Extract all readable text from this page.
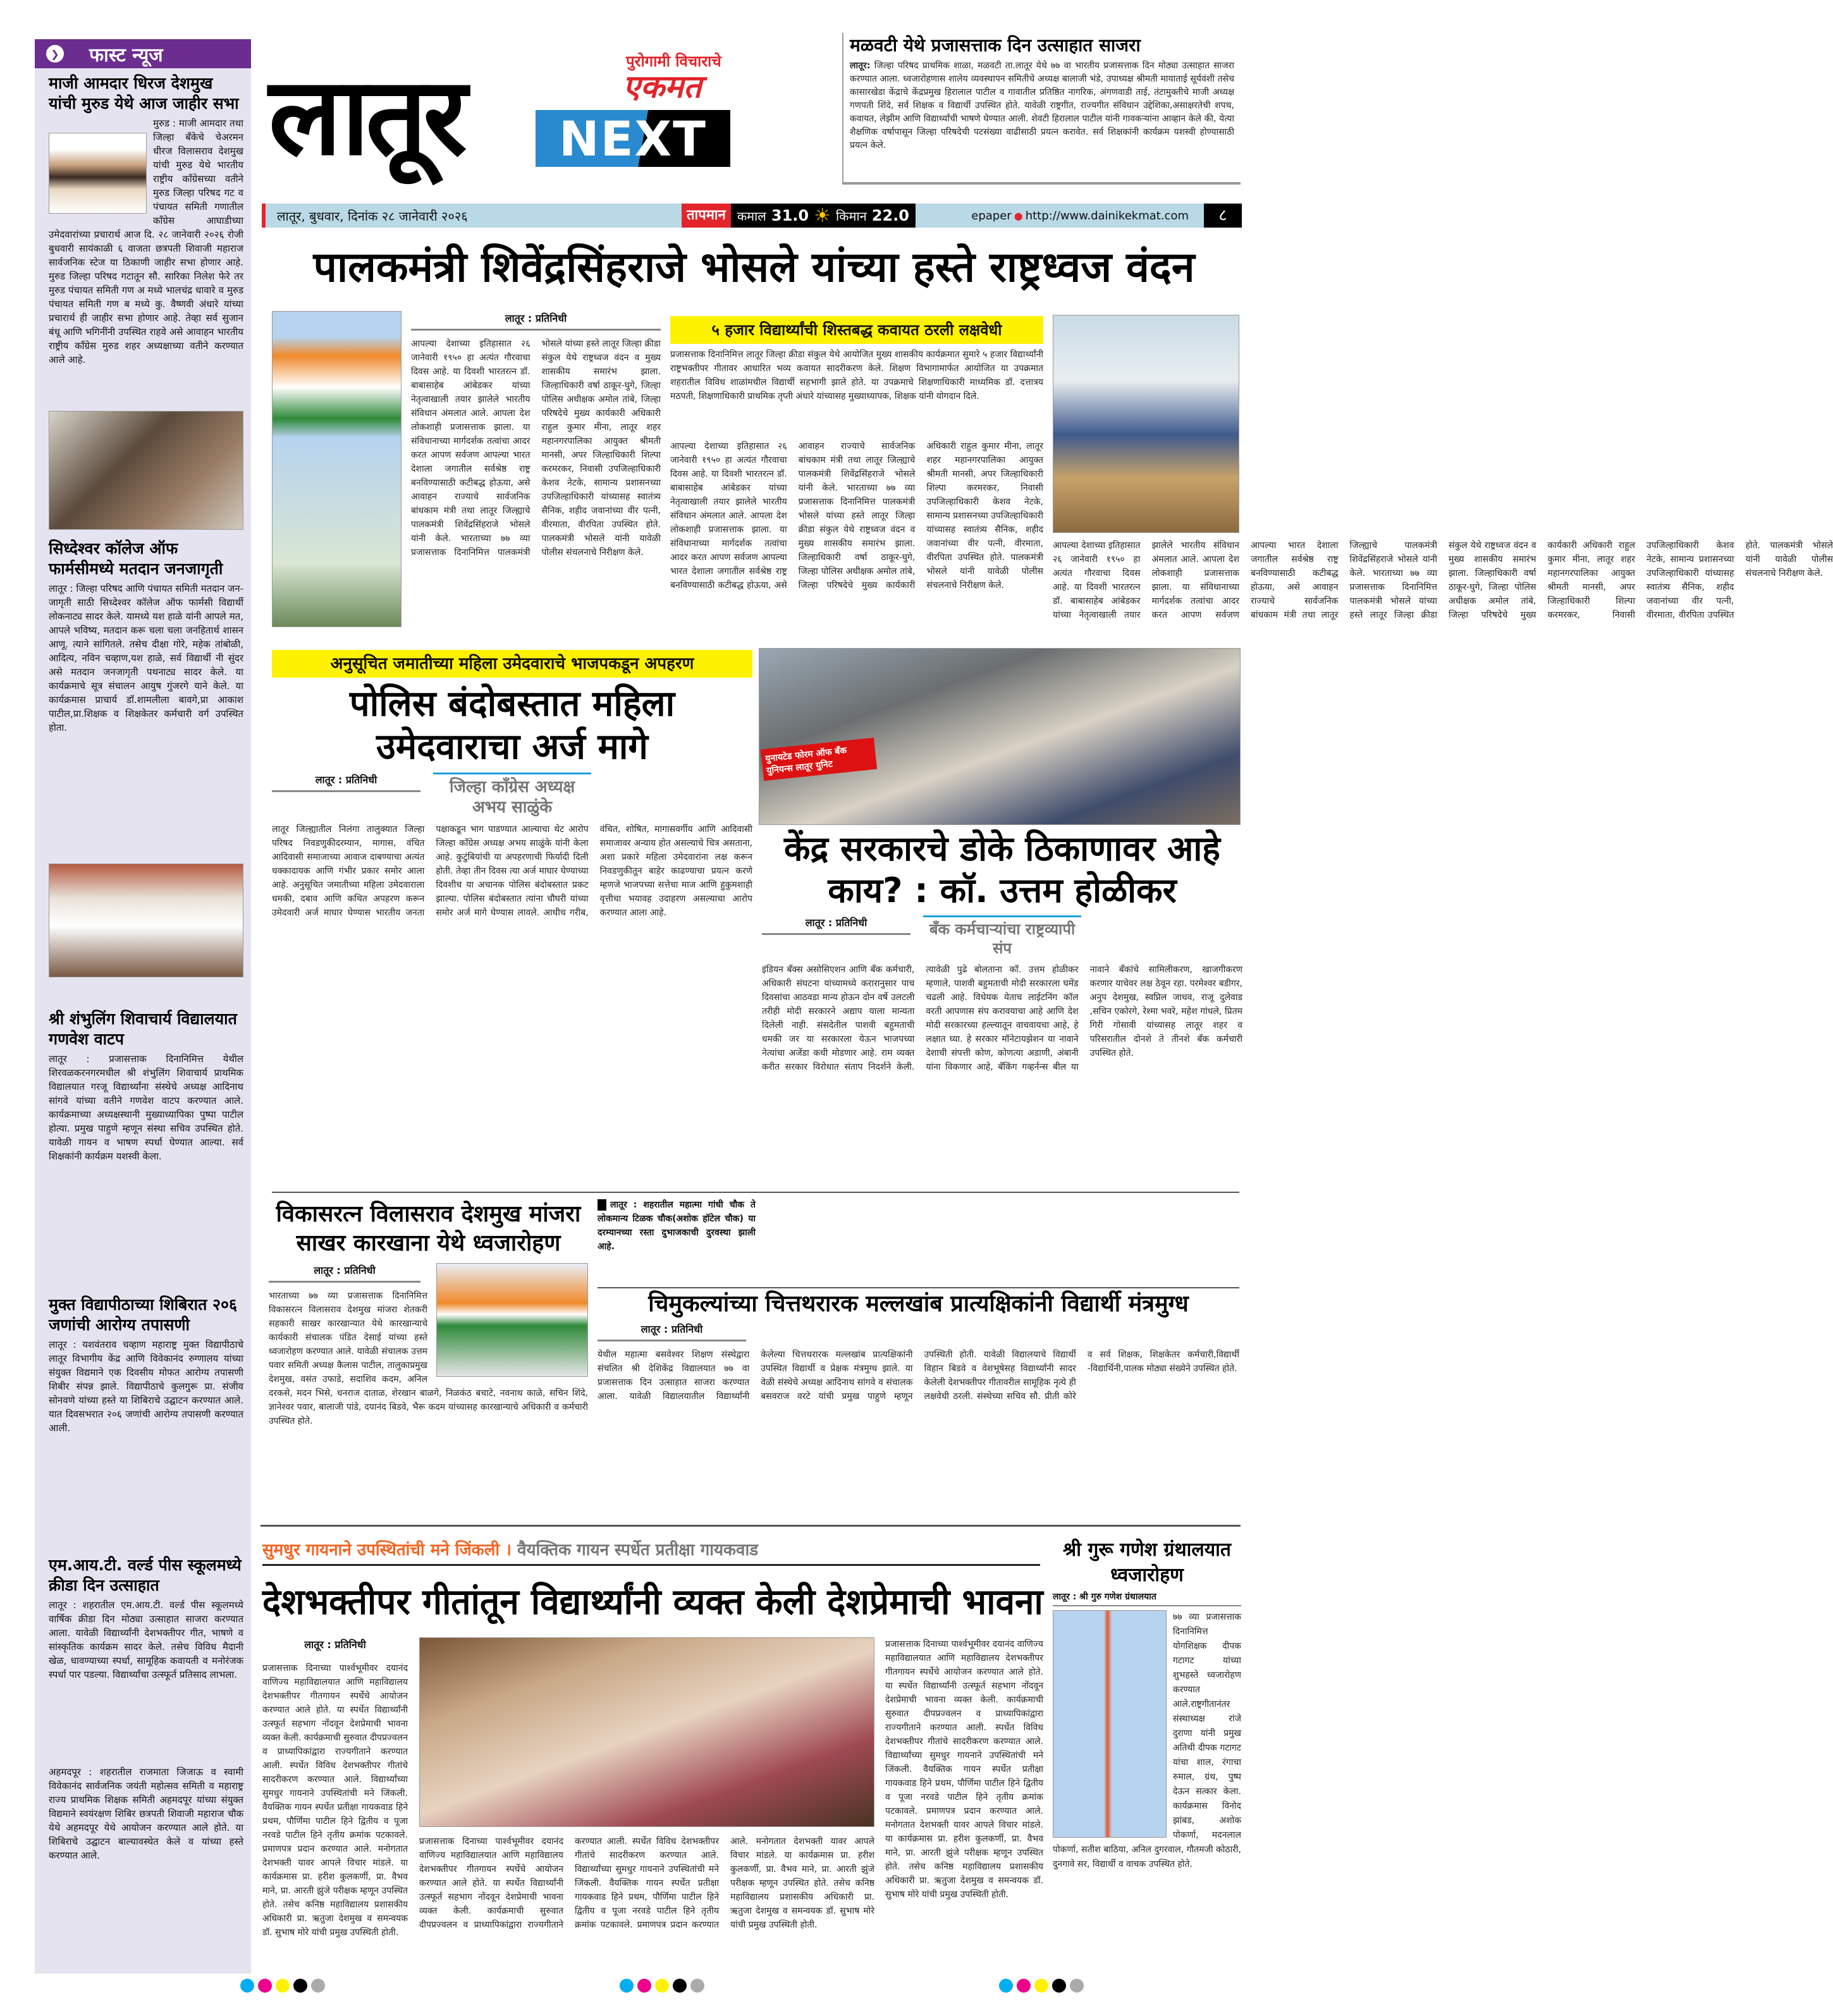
❯︎ फास्ट न्यूज
माजी आमदार धिरज देशमुख यांची मुरुड येथे आज जाहीर सभा
मुरुड : माजी आमदार तथा जिल्हा बँकेचे चेअरमन धीरज विलासराव देशमुख यांची मुरुड येथे भारतीय राष्ट्रीय काँग्रेसच्या वतीने मुरुड जिल्हा परिषद गट व पंचायत समिती गणातील काँग्रेस आघाडीच्या उमेदवारांच्या प्रचारार्थ आज दि. २८ जानेवारी २०२६ रोजी बुधवारी सायंकाळी ६ वाजता छत्रपती शिवाजी महाराज सार्वजनिक स्टेज या ठिकाणी जाहीर सभा होणार आहे. मुरुड जिल्हा परिषद गटातून सौ. सारिका निलेश फेरे तर मुरुड पंचायत समिती गण अ मध्ये भालचंद्र धावारे व मुरुड पंचायत समिती गण ब मध्ये कु. वैष्णवी अंधारे यांच्या प्रचारार्थ ही जाहीर सभा होणार आहे. तेव्हा सर्व सुजान बंधू आणि भगिनींनी उपस्थित राहवे असे आवाहन भारतीय राष्ट्रीय काँग्रेस मुरुड शहर अध्यक्षाच्या वतीने करण्यात आले आहे.
सिध्देश्वर कॉलेज ऑफ फार्मसीमध्ये मतदान जनजागृती
लातूर : जिल्हा परिषद आणि पंचायत समिती मतदान जन- जागृती साठी सिध्देश्वर कॉलेज ऑफ फार्मसी विद्यार्थी लोकनाट्य सादर केले. यामध्ये यश हाळे यांनी आपले मत, आपले भविष्य, मतदान करू चला चला जनहितार्थ शासन आणू. त्याने सांगितले. तसेच दीक्षा गोरे, महेक तांबोळी, आदित्य, नविन चव्हाण,यश हाळे, सर्व विद्यार्थी नी सुंदर असे मतदान जनजागृती पथनाट्य सादर केले. या कार्यक्रमाचे सूत्र संचालन आयुष गुंजरगे याने केले. या कार्यक्रमास प्राचार्य डॉ.शामलीला बावगे,प्रा आकाश पाटील,प्रा.शिक्षक व शिक्षकेतर कर्मचारी वर्ग उपस्थित होता.
श्री शंभुलिंग शिवाचार्य विद्यालयात गणवेश वाटप
लातूर : प्रजासत्ताक दिनानिमित्त येथील शिरवळकरनगरमधील श्री शंभुलिंग शिवाचार्य प्राथमिक विद्यालयात गरजू विद्यार्थ्यांना संस्थेचे अध्यक्ष आदिनाथ सांगवे यांच्या वतीने गणवेश वाटप करण्यात आले. कार्यक्रमाच्या अध्यक्षस्थानी मुख्याध्यापिका पुष्पा पाटील होत्या. प्रमुख पाहुणे म्हणून संस्था सचिव उपस्थित होते. यावेळी गायन व भाषण स्पर्धा घेण्यात आल्या. सर्व शिक्षकांनी कार्यक्रम यशस्वी केला.
मुक्त विद्यापीठाच्या शिबिरात २०६ जणांची आरोग्य तपासणी
लातूर : यशवंतराव चव्हाण महाराष्ट्र मुक्त विद्यापीठाचे लातूर विभागीय केंद्र आणि विवेकानंद रुग्णालय यांच्या संयुक्त विद्यमाने एक दिवसीय मोफत आरोग्य तपासणी शिबीर संपन्न झाले. विद्यापीठाचे कुलगुरू प्रा. संजीव सोनवणे यांच्या हस्ते या शिबिराचे उद्घाटन करण्यात आले. यात दिवसभरात २०६ जणांची आरोग्य तपासणी करण्यात आली.
एम.आय.टी. वर्ल्ड पीस स्कूलमध्ये क्रीडा दिन उत्साहात
लातूर : शहरातील एम.आय.टी. वर्ल्ड पीस स्कूलमध्ये वार्षिक क्रीडा दिन मोठ्या उत्साहात साजरा करण्यात आला. यावेळी विद्यार्थ्यांनी देशभक्तीपर गीत, भाषणे व सांस्कृतिक कार्यक्रम सादर केले. तसेच विविध मैदानी खेळ, धावण्याच्या स्पर्धा, सामूहिक कवायती व मनोरंजक स्पर्धा पार पडल्या. विद्यार्थ्यांचा उत्स्फूर्त प्रतिसाद लाभला.
अहमदपूर : शहरातील राजमाता जिजाऊ व स्वामी विवेकानंद सार्वजनिक जयंती महोत्सव समिती व महाराष्ट्र राज्य प्राथमिक शिक्षक समिती अहमदपूर यांच्या संयुक्त विद्यमाने स्वयंरक्षण शिबिर छत्रपती शिवाजी महाराज चौक येथे अहमदपूर येथे आयोजन करण्यात आले होते. या शिबिराचे उद्घाटन बाल्यावस्थेत केले व यांच्या हस्ते करण्यात आले.
लातूर	पुरोगामी विचाराचे
एकमत
NEXT
मळवटी येथे प्रजासत्ताक दिन उत्साहात साजरा
लातूर: जिल्हा परिषद प्राथमिक शाळा, मळवटी ता.लातूर येथे ७७ वा भारतीय प्रजासत्ताक दिन मोठ्या उत्साहात साजरा करण्यात आला. ध्वजारोहणास शालेय व्यवस्थापन समितीचे अध्यक्ष बालाजी भंडे, उपाध्यक्ष श्रीमती मायाताई सूर्यवंशी तसेच कासारखेडा केंद्राचे केंद्रप्रमुख हिरालाल पाटील व गावातील प्रतिष्ठित नागरिक, अंगणवाडी ताई, तंटामुक्तीचे माजी अध्यक्ष गणपती शिंदे, सर्व शिक्षक व विद्यार्थी उपस्थित होते. यावेळी राष्ट्रगीत, राज्यगीत संविधान उद्देशिका,असाक्षरतेची शपथ, कवायत, लेझीम आणि विद्यार्थ्यांची भाषणे घेण्यात आली. शेवटी हिरालाल पाटील यांनी गावकऱ्यांना आव्हान केले की, येत्या शैक्षणिक वर्षापासून जिल्हा परिषदेची पटसंख्या वाढीसाठी प्रयत्न करावेत. सर्व शिक्षकांनी कार्यक्रम यशस्वी होण्यासाठी प्रयत्न केले.
लातूर, बुधवार, दिनांक २८ जानेवारी २०२६	तापमान कमाल 31.0 ☀︎ किमान 22.0	epaper ● http://www.dainikekmat.com	८
पालकमंत्री शिवेंद्रसिंहराजे भोसले यांच्या हस्ते राष्ट्रध्वज वंदन
लातूर : प्रतिनिधी
आपल्या देशाच्या इतिहासात २६ जानेवारी १९५० हा अत्यंत गौरवाचा दिवस आहे. या दिवशी भारतरत्न डॉ. बाबासाहेब आंबेडकर यांच्या नेतृत्वाखाली तयार झालेले भारतीय संविधान अंमलात आले. आपला देश लोकशाही प्रजासत्ताक झाला. या संविधानाच्या मार्गदर्शक तत्वांचा आदर करत आपण सर्वजण आपल्या भारत देशाला जगातील सर्वश्रेष्ठ राष्ट्र बनविण्यासाठी कटीबद्ध होऊया, असे आवाहन राज्याचे सार्वजनिक बांधकाम मंत्री तथा लातूर जिल्ह्याचे पालकमंत्री शिवेंद्रसिंहराजे भोसले यांनी केले. भारताच्या ७७ व्या प्रजासत्ताक दिनानिमित्त पालकमंत्री भोसले यांच्या हस्ते लातूर जिल्हा क्रीडा संकुल येथे राष्ट्रध्वज वंदन व मुख्य शासकीय समारंभ झाला. जिल्हाधिकारी वर्षा ठाकूर-घुगे, जिल्हा पोलिस अधीक्षक अमोल तांबे, जिल्हा परिषदेचे मुख्य कार्यकारी अधिकारी राहुल कुमार मीना, लातूर शहर महानगरपालिका आयुक्त श्रीमती मानसी, अपर जिल्हाधिकारी शिल्पा करमरकर, निवासी उपजिल्हाधिकारी केशव नेटके, सामान्य प्रशासनच्या उपजिल्हाधिकारी यांच्यासह स्वातंत्र्य सैनिक, शहीद जवानांच्या वीर पत्नी, वीरमाता, वीरपिता उपस्थित होते. पालकमंत्री भोसले यांनी यावेळी पोलीस संचलनाचे निरीक्षण केले.
५ हजार विद्यार्थ्यांची शिस्तबद्ध कवायत ठरली लक्षवेधी
प्रजासत्ताक दिनानिमित्त लातूर जिल्हा क्रीडा संकुल येथे आयोजित मुख्य शासकीय कार्यक्रमात सुमारे ५ हजार विद्यार्थ्यांनी राष्ट्रभक्तीपर गीतावर आधारित भव्य कवायत सादरीकरण केले. शिक्षण विभागामार्फत आयोजित या उपक्रमात शहरातील विविध शाळांमधील विद्यार्थी सहभागी झाले होते. या उपक्रमाचे शिक्षणाधिकारी माध्यमिक डॉ. दत्तात्रय मठपती, शिक्षणाधिकारी प्राथमिक तृप्ती अंधारे यांच्यासह मुख्याध्यापक, शिक्षक यांनी योगदान दिले.
आपल्या देशाच्या इतिहासात २६ जानेवारी १९५० हा अत्यंत गौरवाचा दिवस आहे. या दिवशी भारतरत्न डॉ. बाबासाहेब आंबेडकर यांच्या नेतृत्वाखाली तयार झालेले भारतीय संविधान अंमलात आले. आपला देश लोकशाही प्रजासत्ताक झाला. या संविधानाच्या मार्गदर्शक तत्वांचा आदर करत आपण सर्वजण आपल्या भारत देशाला जगातील सर्वश्रेष्ठ राष्ट्र बनविण्यासाठी कटीबद्ध होऊया, असे आवाहन राज्याचे सार्वजनिक बांधकाम मंत्री तथा लातूर जिल्ह्याचे पालकमंत्री शिवेंद्रसिंहराजे भोसले यांनी केले. भारताच्या ७७ व्या प्रजासत्ताक दिनानिमित्त पालकमंत्री भोसले यांच्या हस्ते लातूर जिल्हा क्रीडा संकुल येथे राष्ट्रध्वज वंदन व मुख्य शासकीय समारंभ झाला. जिल्हाधिकारी वर्षा ठाकूर-घुगे, जिल्हा पोलिस अधीक्षक अमोल तांबे, जिल्हा परिषदेचे मुख्य कार्यकारी अधिकारी राहुल कुमार मीना, लातूर शहर महानगरपालिका आयुक्त श्रीमती मानसी, अपर जिल्हाधिकारी शिल्पा करमरकर, निवासी उपजिल्हाधिकारी केशव नेटके, सामान्य प्रशासनच्या उपजिल्हाधिकारी यांच्यासह स्वातंत्र्य सैनिक, शहीद जवानांच्या वीर पत्नी, वीरमाता, वीरपिता उपस्थित होते. पालकमंत्री भोसले यांनी यावेळी पोलीस संचलनाचे निरीक्षण केले.
आपल्या देशाच्या इतिहासात २६ जानेवारी १९५० हा अत्यंत गौरवाचा दिवस आहे. या दिवशी भारतरत्न डॉ. बाबासाहेब आंबेडकर यांच्या नेतृत्वाखाली तयार झालेले भारतीय संविधान अंमलात आले. आपला देश लोकशाही प्रजासत्ताक झाला. या संविधानाच्या मार्गदर्शक तत्वांचा आदर करत आपण सर्वजण आपल्या भारत देशाला जगातील सर्वश्रेष्ठ राष्ट्र बनविण्यासाठी कटीबद्ध होऊया, असे आवाहन राज्याचे सार्वजनिक बांधकाम मंत्री तथा लातूर जिल्ह्याचे पालकमंत्री शिवेंद्रसिंहराजे भोसले यांनी केले. भारताच्या ७७ व्या प्रजासत्ताक दिनानिमित्त पालकमंत्री भोसले यांच्या हस्ते लातूर जिल्हा क्रीडा संकुल येथे राष्ट्रध्वज वंदन व मुख्य शासकीय समारंभ झाला. जिल्हाधिकारी वर्षा ठाकूर-घुगे, जिल्हा पोलिस अधीक्षक अमोल तांबे, जिल्हा परिषदेचे मुख्य कार्यकारी अधिकारी राहुल कुमार मीना, लातूर शहर महानगरपालिका आयुक्त श्रीमती मानसी, अपर जिल्हाधिकारी शिल्पा करमरकर, निवासी उपजिल्हाधिकारी केशव नेटके, सामान्य प्रशासनच्या उपजिल्हाधिकारी यांच्यासह स्वातंत्र्य सैनिक, शहीद जवानांच्या वीर पत्नी, वीरमाता, वीरपिता उपस्थित होते. पालकमंत्री भोसले यांनी यावेळी पोलीस संचलनाचे निरीक्षण केले.
अनुसूचित जमातीच्या महिला उमेदवाराचे भाजपकडून अपहरण
पोलिस बंदोबस्तात महिला उमेदवाराचा अर्ज मागे
लातूर : प्रतिनिधी	जिल्हा काँग्रेस अध्यक्ष अभय साळुंके
लातूर जिल्ह्यातील निलंगा तालुक्यात जिल्हा परिषद निवडणुकीदरम्यान, मागास, वंचित आदिवासी समाजाच्या आवाज दाबण्याचा अत्यंत धक्कादायक आणि गंभीर प्रकार समोर आला आहे. अनुसूचित जमातीच्या महिला उमेदवाराला धमकी, दबाव आणि कथित अपहरण करून उमेदवारी अर्ज माघार घेण्यास भारतीय जनता पक्षाकडून भाग पाडण्यात आल्याचा थेट आरोप जिल्हा काँग्रेस अध्यक्ष अभय साळुंके यांनी केला आहे. कुटुंबियांची या अपहरणाची फिर्यादी दिली होती. तेव्हा तीन दिवस त्या अर्ज माघार घेण्याच्या दिवशीच या अचानक पोलिस बंदोबस्तात प्रकट झाल्या. पोलिस बंदोबस्तात त्यांना चौघरी यांच्या समोर अर्ज मागे घेण्यास लावले. आधीच गरीब, वंचित, शोषित, मागासवर्गीय आणि आदिवासी समाजावर अन्याय होत असल्याचे चित्र असताना, अशा प्रकारे महिला उमेदवारांना लक्ष करून निवडणुकीतून बाहेर काढण्याचा प्रयत्न करणे म्हणजे भाजपच्या सत्तेचा माज आणि हुकुमशाही वृत्तीचा भयावह उदाहरण असल्याचा आरोप करण्यात आला आहे.
युनायटेड फोरम ऑफ बँक युनियन्स लातूर युनिट
केंद्र सरकारचे डोके ठिकाणावर आहे काय? : कॉ. उत्तम होळीकर
लातूर : प्रतिनिधी	बँक कर्मचाऱ्यांचा राष्ट्रव्यापी संप
इंडियन बँक्स असोसिएशन आणि बँक कर्मचारी, अधिकारी संघटना यांच्यामध्ये करारानुसार पाच दिवसांचा आठवडा मान्य होऊन दोन वर्षे उलटली तरीही मोदी सरकारने अद्याप याला मान्यता दिलेली नाही. संसदेतील पाशवी बहुमताची धमकी जर या सरकारला येऊन भाजपच्या नेत्यांचा अजेंडा कधी मोडणार आहे. राम व्यक्त करीत सरकार विरोधात संताप निदर्शने केली. त्यावेळी पुढे बोलताना कॉ. उत्तम होळीकर म्हणाले, पाशवी बहुमताची मोदी सरकारला घमेंड चढली आहे. विधेयक येताच लाईटनिंग कॉल वरती आपणास संप करावयाचा आहे आणि देश मोदी सरकारच्या हल्ल्यातून वाचवायचा आहे, हे लक्षात घ्या. हे सरकार मॉनेटायझेशन या नावाने देशाची संपत्ती कोण, कोणत्या अडाणी, अंबानी यांना विकणार आहे, बँकिंग गव्हर्नन्स बील या नावाने बँकांचे सामिलीकरण, खाजगीकरण करणार याचेवर लक्ष ठेवून रहा. परमेश्वर बडीगर, अनुप देशमुख, स्वप्निल जाधव, राजू दुलेवाड ,सचिन एकोरगे, रेश्मा भवरे, महेश गांधले, प्रितम गिरी गोसावी यांच्यासह लातूर शहर व परिसरातील दोनशे ते तीनशे बँक कर्मचारी उपस्थित होते.
विकासरत्न विलासराव देशमुख मांजरा साखर कारखाना येथे ध्वजारोहण
लातूर : प्रतिनिधी
भारताच्या ७७ व्या प्रजासत्ताक दिनानिमित्त विकासरत्न विलासराव देशमुख मांजरा शेतकरी सहकारी साखर कारखान्यात येथे कारखान्याचे कार्यकारी संचालक पंडित देसाई यांच्या हस्ते ध्वजारोहण करण्यात आले. यावेळी संचालक उत्तम पवार समिती अध्यक्ष कैलास पाटील, तालुकाप्रमुख देशमुख, वसंत उफाडे, सदाशिव कदम, अनिल दरकसे, मदन भिसे, धनराज दाताळ, शेरखान बाळगे, निळकंठ बचाटे, नवनाथ काळे, सचिन शिंदे, ज्ञानेश्वर पवार, बालाजी पांडे, दयानंद बिडवे, भैरू कदम यांच्यासह कारखान्याचे अधिकारी व कर्मचारी उपस्थित होते.
लातूर : शहरातील महात्मा गांधी चौक ते लोकमान्य टिळक चौक(अशोक हॉटेल चौक) या दरम्यानच्या रस्ता दुभाजकाची दुरवस्था झाली आहे.
चिमुकल्यांच्या चित्तथरारक मल्लखांब प्रात्यक्षिकांनी विद्यार्थी मंत्रमुग्ध
लातूर : प्रतिनिधी
येथील महात्मा बसवेश्वर शिक्षण संस्थेद्वारा संचलित श्री देशिकेंद्र विद्यालयात ७७ वा प्रजासत्ताक दिन उत्साहात साजरा करण्यात आला. यावेळी विद्यालयातील विद्यार्थ्यांनी केलेल्या चित्तथरारक मल्लखांब प्रात्यक्षिकांनी उपस्थित विद्यार्थी व प्रेक्षक मंत्रमुग्ध झाले. या वेळी संस्थेचे अध्यक्ष आदिनाथ सांगवे व संचालक बसवराज वरटे यांची प्रमुख पाहुणे म्हणून उपस्थिती होती. यावेळी विद्यालयाचे विद्यार्थी विहान बिडवे व वेशभूषेसह विद्यार्थ्यांनी सादर केलेली देशभक्तीपर गीतावरील सामूहिक नृत्ये ही लक्षवेधी ठरली. संस्थेच्या सचिव सौ. प्रीती कोरे व सर्व शिक्षक, शिक्षकेतर कर्मचारी,विद्यार्थी -विद्यार्थिनी,पालक मोठ्या संख्येने उपस्थित होते.
सुमधुर गायनाने उपस्थितांची मने जिंकली । वैयक्तिक गायन स्पर्धेत प्रतीक्षा गायकवाड
देशभक्तीपर गीतांतून विद्यार्थ्यांनी व्यक्त केली देशप्रेमाची भावना
लातूर : प्रतिनिधी
प्रजासत्ताक दिनाच्या पार्श्वभूमीवर दयानंद वाणिज्य महाविद्यालयात आणि महाविद्यालय देशभक्तीपर गीतगायन स्पर्धेचे आयोजन करण्यात आले होते. या स्पर्धेत विद्यार्थ्यांनी उत्स्फूर्त सहभाग नोंदवून देशप्रेमाची भावना व्यक्त केली. कार्यक्रमाची सुरुवात दीपप्रज्वलन व प्राध्यापिकांद्वारा राज्यगीताने करण्यात आली. स्पर्धेत विविध देशभक्तीपर गीतांचे सादरीकरण करण्यात आले. विद्यार्थ्यांच्या सुमधुर गायनाने उपस्थितांची मने जिंकली. वैयक्तिक गायन स्पर्धेत प्रतीक्षा गायकवाड हिने प्रथम, पौर्णिमा पाटील हिने द्वितीय व पूजा नरवडे पाटील हिने तृतीय क्रमांक पटकावले. प्रमाणपत्र प्रदान करण्यात आले. मनोगतात देशभक्ती यावर आपले विचार मांडले. या कार्यक्रमास प्रा. हरीश कुलकर्णी, प्रा. वैभव माने, प्रा. आरती झुंजे परीक्षक म्हणून उपस्थित होते. तसेच कनिष्ठ महाविद्यालय प्रशासकीय अधिकारी प्रा. ऋतुजा देशमुख व समन्वयक डॉ. सुभाष मोरे यांची प्रमुख उपस्थिती होती.
प्रजासत्ताक दिनाच्या पार्श्वभूमीवर दयानंद वाणिज्य महाविद्यालयात आणि महाविद्यालय देशभक्तीपर गीतगायन स्पर्धेचे आयोजन करण्यात आले होते. या स्पर्धेत विद्यार्थ्यांनी उत्स्फूर्त सहभाग नोंदवून देशप्रेमाची भावना व्यक्त केली. कार्यक्रमाची सुरुवात दीपप्रज्वलन व प्राध्यापिकांद्वारा राज्यगीताने करण्यात आली. स्पर्धेत विविध देशभक्तीपर गीतांचे सादरीकरण करण्यात आले. विद्यार्थ्यांच्या सुमधुर गायनाने उपस्थितांची मने जिंकली. वैयक्तिक गायन स्पर्धेत प्रतीक्षा गायकवाड हिने प्रथम, पौर्णिमा पाटील हिने द्वितीय व पूजा नरवडे पाटील हिने तृतीय क्रमांक पटकावले. प्रमाणपत्र प्रदान करण्यात आले. मनोगतात देशभक्ती यावर आपले विचार मांडले. या कार्यक्रमास प्रा. हरीश कुलकर्णी, प्रा. वैभव माने, प्रा. आरती झुंजे परीक्षक म्हणून उपस्थित होते. तसेच कनिष्ठ महाविद्यालय प्रशासकीय अधिकारी प्रा. ऋतुजा देशमुख व समन्वयक डॉ. सुभाष मोरे यांची प्रमुख उपस्थिती होती.
प्रजासत्ताक दिनाच्या पार्श्वभूमीवर दयानंद वाणिज्य महाविद्यालयात आणि महाविद्यालय देशभक्तीपर गीतगायन स्पर्धेचे आयोजन करण्यात आले होते. या स्पर्धेत विद्यार्थ्यांनी उत्स्फूर्त सहभाग नोंदवून देशप्रेमाची भावना व्यक्त केली. कार्यक्रमाची सुरुवात दीपप्रज्वलन व प्राध्यापिकांद्वारा राज्यगीताने करण्यात आली. स्पर्धेत विविध देशभक्तीपर गीतांचे सादरीकरण करण्यात आले. विद्यार्थ्यांच्या सुमधुर गायनाने उपस्थितांची मने जिंकली. वैयक्तिक गायन स्पर्धेत प्रतीक्षा गायकवाड हिने प्रथम, पौर्णिमा पाटील हिने द्वितीय व पूजा नरवडे पाटील हिने तृतीय क्रमांक पटकावले. प्रमाणपत्र प्रदान करण्यात आले. मनोगतात देशभक्ती यावर आपले विचार मांडले. या कार्यक्रमास प्रा. हरीश कुलकर्णी, प्रा. वैभव माने, प्रा. आरती झुंजे परीक्षक म्हणून उपस्थित होते. तसेच कनिष्ठ महाविद्यालय प्रशासकीय अधिकारी प्रा. ऋतुजा देशमुख व समन्वयक डॉ. सुभाष मोरे यांची प्रमुख उपस्थिती होती.
श्री गुरू गणेश ग्रंथालयात ध्वजारोहण
लातूर : श्री गुरु गणेश ग्रंथालयात
७७ व्या प्रजासत्ताक दिनानिमित्त योगशिक्षक दीपक गटागट यांच्या शुभहस्ते ध्वजारोहण करण्यात आले.राष्ट्रगीतानंतर संस्थाध्यक्ष रांजे दुराणा यांनी प्रमुख अतिथी दीपक गटागट यांचा शाल, रंगाचा रुमाल, ग्रंथ, पुष्प देऊन सत्कार केला. कार्यक्रमास विनोद झांबड, अशोक पोकर्णा, मदनलाल पोकर्णा, सतीश बाठिया, अनिल दुगरवाल, गौतमजी कोठारी, दुनगावे सर, विद्यार्थी व वाचक उपस्थित होते.
